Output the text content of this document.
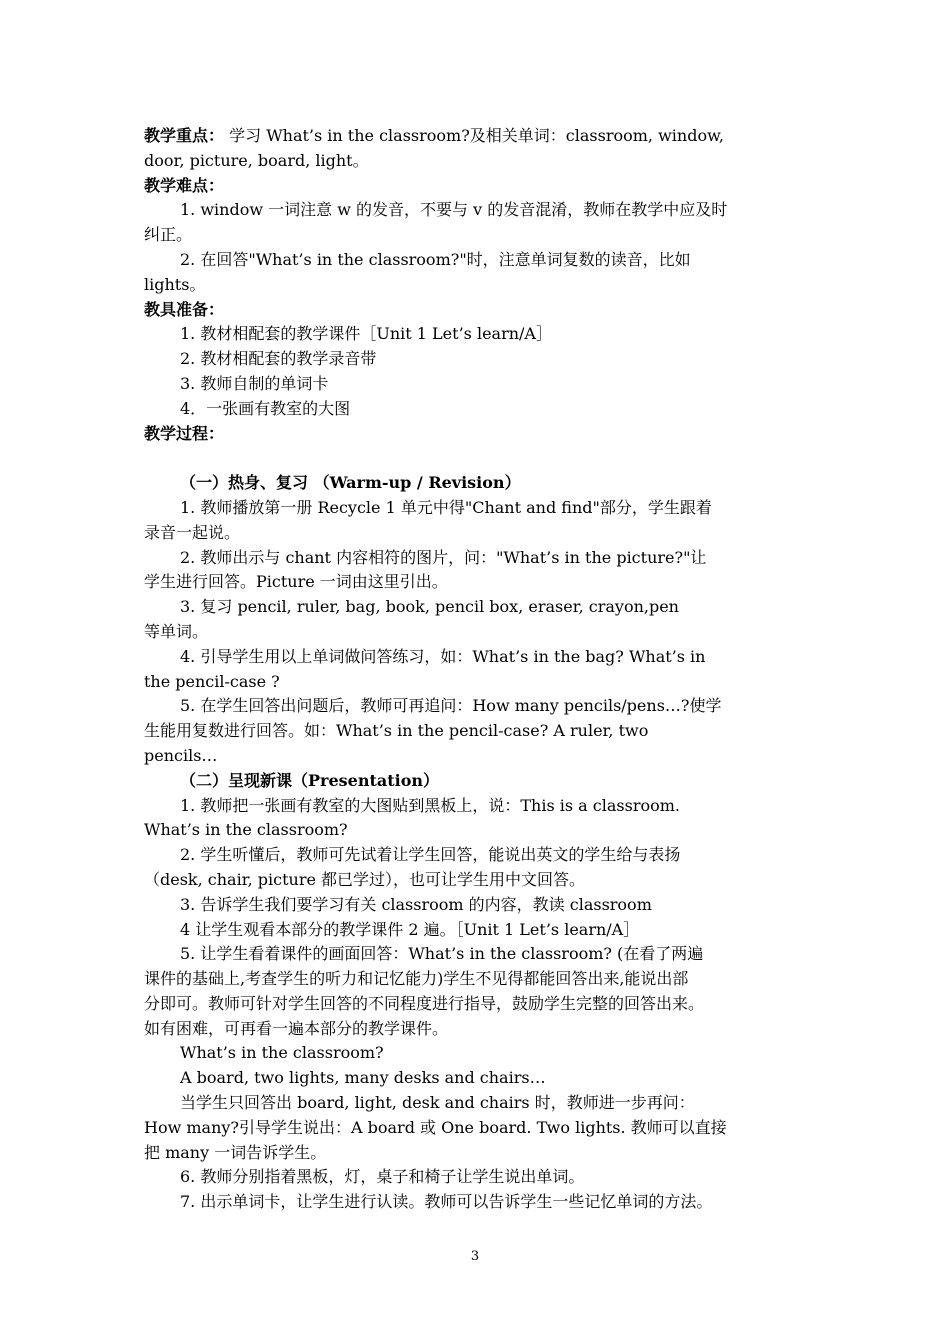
教学重点： 学习 What’s in the classroom?及相关单词：classroom, window,
door, picture, board, light。
教学难点：
1. window 一词注意 w 的发音，不要与 v 的发音混淆，教师在教学中应及时
纠正。
2. 在回答"What’s in the classroom?"时，注意单词复数的读音，比如
lights。
教具准备：
1. 教材相配套的教学课件［Unit 1 Let’s learn/A］
2. 教材相配套的教学录音带
3. 教师自制的单词卡
4．一张画有教室的大图
教学过程：
（一）热身、复习 （Warm-up / Revision）
1. 教师播放第一册 Recycle 1 单元中得"Chant and find"部分，学生跟着
录音一起说。
2. 教师出示与 chant 内容相符的图片，问："What’s in the picture?"让
学生进行回答。Picture 一词由这里引出。
3. 复习 pencil, ruler, bag, book, pencil box, eraser, crayon,pen
等单词。
4. 引导学生用以上单词做问答练习，如：What’s in the bag? What’s in
the pencil-case ?
5. 在学生回答出问题后，教师可再追问：How many pencils/pens…?使学
生能用复数进行回答。如：What’s in the pencil-case? A ruler, two
pencils…
（二）呈现新课（Presentation）
1. 教师把一张画有教室的大图贴到黑板上，说：This is a classroom.
What’s in the classroom?
2. 学生听懂后，教师可先试着让学生回答，能说出英文的学生给与表扬
（desk, chair, picture 都已学过），也可让学生用中文回答。
3. 告诉学生我们要学习有关 classroom 的内容，教读 classroom
4 让学生观看本部分的教学课件 2 遍。［Unit 1 Let’s learn/A］
5. 让学生看着课件的画面回答：What’s in the classroom? (在看了两遍
课件的基础上,考查学生的听力和记忆能力)学生不见得都能回答出来,能说出部
分即可。教师可针对学生回答的不同程度进行指导，鼓励学生完整的回答出来。
如有困难，可再看一遍本部分的教学课件。
What’s in the classroom?
A board, two lights, many desks and chairs…
当学生只回答出 board, light, desk and chairs 时，教师进一步再问：
How many?引导学生说出：A board 或 One board. Two lights. 教师可以直接
把 many 一词告诉学生。
6. 教师分别指着黑板，灯，桌子和椅子让学生说出单词。
7. 出示单词卡，让学生进行认读。教师可以告诉学生一些记忆单词的方法。
3
